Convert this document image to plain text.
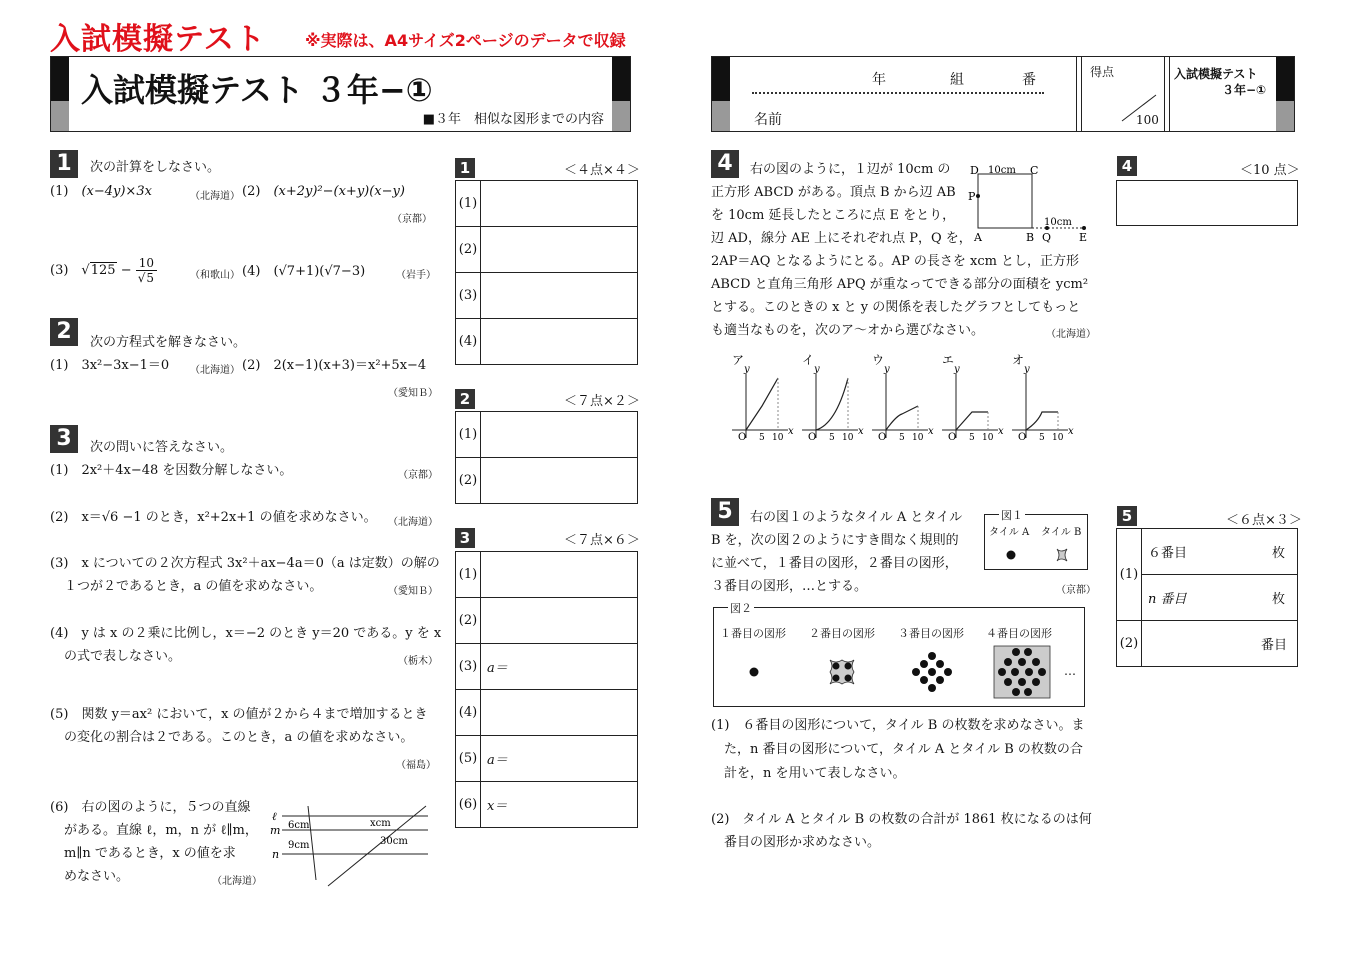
入試模擬テスト ※実際は、A4サイズ2ページのデータで収録
入試模擬テスト ３年−①
■３年　相似な図形までの内容
年	組	番
名前
得点
100
入試模擬テスト
３年−①
1	次の計算をしなさい。
(1)　 (x−4y)×3x	（北海道） (2)　 (x+2y)²−(x+y)(x−y)
（京都）
(3)　$√125 - \frac{10}{√5}$	（和歌山） (4)　 (√7+1)(√7−3)	（岩手）
2	次の方程式を解きなさい。
(1)　 3x²−3x−1＝0 （北海道） (2)　 2(x−1)(x+3)＝x²+5x−4
（愛知Ｂ）
3	次の問いに答えなさい。
(1)　 2x²＋4x−48 を因数分解しなさい。	（京都）
(2)　 x＝√6 −1 のとき，x²+2x+1 の値を求めなさい。 （北海道）
(3)　 x についての２次方程式 3x²＋ax−4a＝0（a は定数）の解の
１つが２であるとき，a の値を求めなさい。	（愛知Ｂ）
(4)　 y は x の２乗に比例し，x＝−2 のとき y＝20 である。y を x
の式で表しなさい。	（栃木）
(5)　 関数 y＝ax² において，x の値が２から４まで増加するとき
の変化の割合は２である。このとき，a の値を求めなさい。
（福島）
(6)　 右の図のように，５つの直線
がある。直線 ℓ，m，n が ℓ∥m，
m∥n であるとき，x の値を求
めなさい。	（北海道）
ℓ
m
n
6cm
9cm
xcm
30cm
1	＜４点×４＞
(1)	
(2)	
(3)	
(4)	
2	＜７点×２＞
(1)	
(2)	
3	＜７点×６＞
(1)	
(2)	
(3)	a＝
(4)	
(5)	a＝
(6)	x＝
4	右の図のように，１辺が 10cm の
正方形 ABCD がある。頂点 B から辺 AB
を 10cm 延長したところに点 E をとり，
辺 AD，線分 AE 上にそれぞれ点 P，Q を，
2AP＝AQ となるようにとる。AP の長さを xcm とし，正方形
ABCD と直角三角形 APQ が重なってできる部分の面積を ycm²
とする。このときの x と y の関係を表したグラフとしてもっと
も適当なものを，次のア〜オから選びなさい。	（北海道）
D	C
10cm
P
A	B Q	E
10cm
ア
y
O 5 10
x
イ
y
O 5 10
x
ウ
y
O 5 10
x
エ
y
O 5 10
x
オ
y
O 5 10
x
4	＜10 点＞
5	右の図１のようなタイル A とタイル
B を，次の図２のようにすき間なく規則的
に並べて，１番目の図形，２番目の図形，
３番目の図形，…とする。	（京都）
図１
タイル A タイル B
図２
１番目の図形 ２番目の図形 ３番目の図形 ４番目の図形
…
(1)　６番目の図形について，タイル B の枚数を求めなさい。ま
た，n 番目の図形について，タイル A とタイル B の枚数の合
計を，n を用いて表しなさい。
(2)　タイル A とタイル B の枚数の合計が 1861 枚になるのは何
番目の図形か求めなさい。
5	＜６点×３＞
(1)	６番目 枚

	n 番目 枚

(2)	番目
